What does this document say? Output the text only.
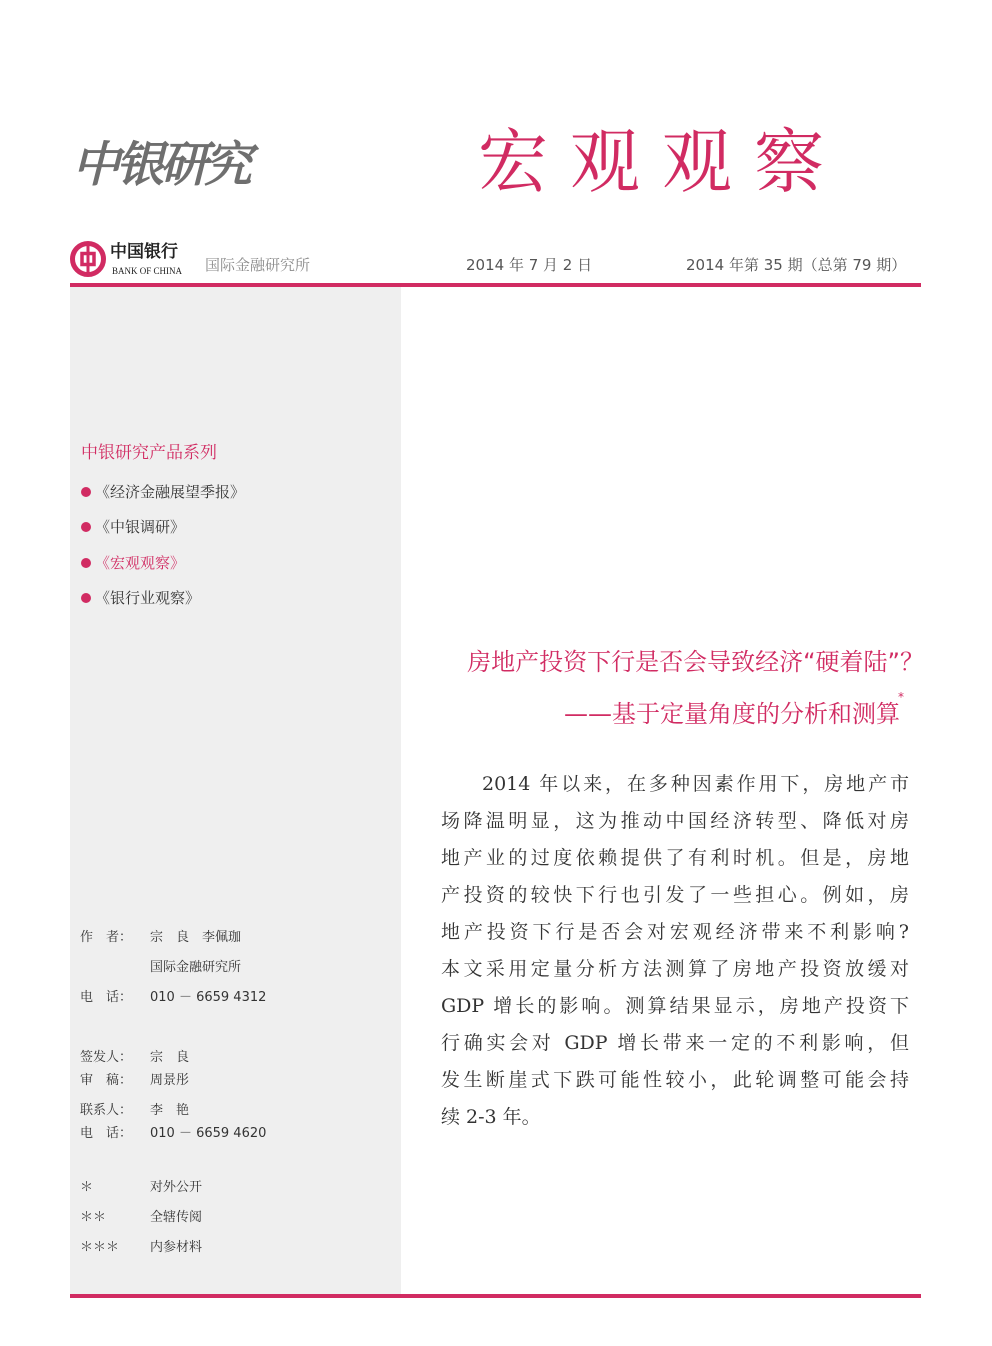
中银研究	宏观观察
中国银行
BANK OF CHINA	国际金融研究所	2014 年 7 月 2 日	2014 年第 35 期（总第 79 期）
中银研究产品系列
《经济金融展望季报》
《中银调研》
《宏观观察》
《银行业观察》
作　者： 宗　良　李佩珈
国际金融研究所
电　话： 010 － 6659 4312
签发人： 宗　良
审　稿： 周景彤
联系人： 李　艳
电　话： 010 － 6659 4620
＊	对外公开
＊＊	全辖传阅
＊＊＊ 内参材料
房地产投资下行是否会导致经济“硬着陆”？
——基于定量角度的分析和测算
*
2014 年以来，在多种因素作用下，房地产市
场降温明显，这为推动中国经济转型、降低对房
地产业的过度依赖提供了有利时机。但是，房地
产投资的较快下行也引发了一些担心。例如，房
地产投资下行是否会对宏观经济带来不利影响?
本文采用定量分析方法测算了房地产投资放缓对
GDP 增长的影响。测算结果显示，房地产投资下
行确实会对 GDP 增长带来一定的不利影响，但
发生断崖式下跌可能性较小，此轮调整可能会持
续 2-3 年。
